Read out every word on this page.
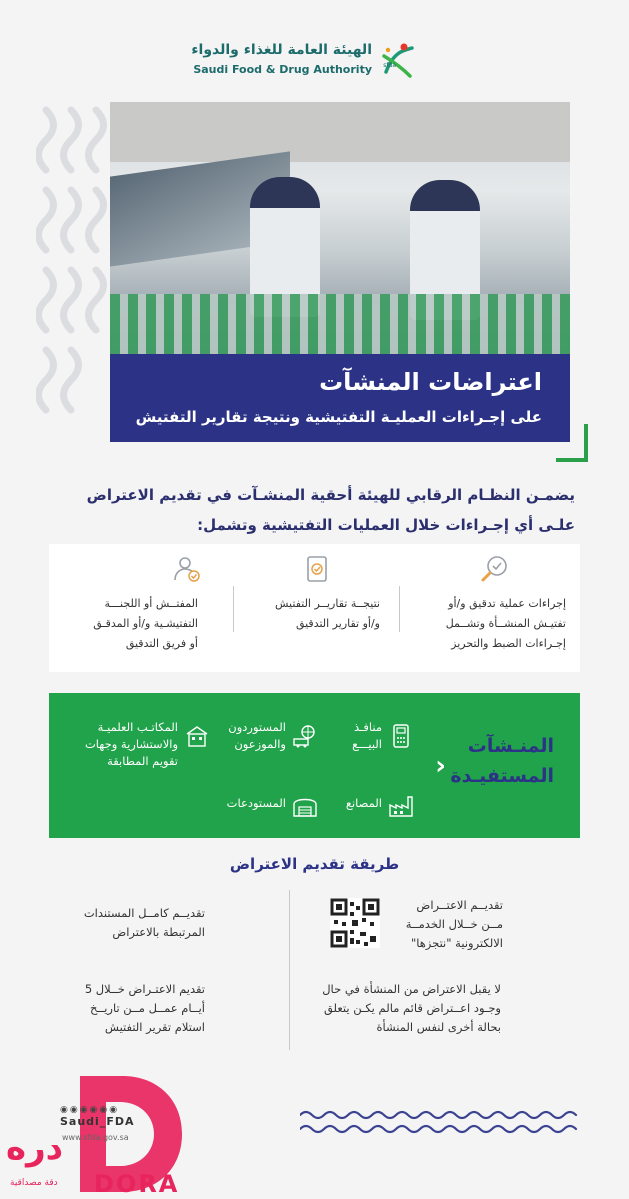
الهيئة العامة للغذاء والدواء
Saudi Food & Drug Authority sfda
اعتراضات المنشآت
على إجـراءات العمليـة التفتيشية ونتيجة تقارير التفتيش
يضمـن النظـام الرقابي للهيئة أحقية المنشـآت في تقديم الاعتراض علـى أي إجـراءات خلال العمليات التفتيشية وتشمل:
إجراءات عملية تدقيق و/أو
تفتيـش المنشــأة وتشــمل
إجـراءات الضبط والتحريز
نتيجــة تقاريــر التفتيش
و/أو تقارير التدقيق
المفتــش أو اللجنـــة
التفتيشـية و/أو المدقـق
أو فريق التدقيق
المنـشآت
المستفيـدة
‹
منافـذ
البيـــع
المستوردون
والموزعون
المكاتـب العلميـة
والاستشارية وجهات
تقويم المطابقة
المصانع
المستودعات
طريقة تقديم الاعتراض
تقديــم الاعتــراض
مــن خــلال الخدمــة
الالكترونية "نتجزها"
تقديــم كامــل المستندات
المرتبطة بالاعتراض
لا يقبل الاعتراض من المنشأة في حال
وجـود اعــتراض قائم مالم يكـن يتعلق
بحالة أخرى لنفس المنشأة
تقديم الاعتـراض خــلال 5
أيــام عمــل مــن تاريــخ
استلام تقرير التفتيش
◉◉◉◉◉◉
Saudi_FDA
www.sfda.gov.sa
دره
دقة مصداقية DORA
